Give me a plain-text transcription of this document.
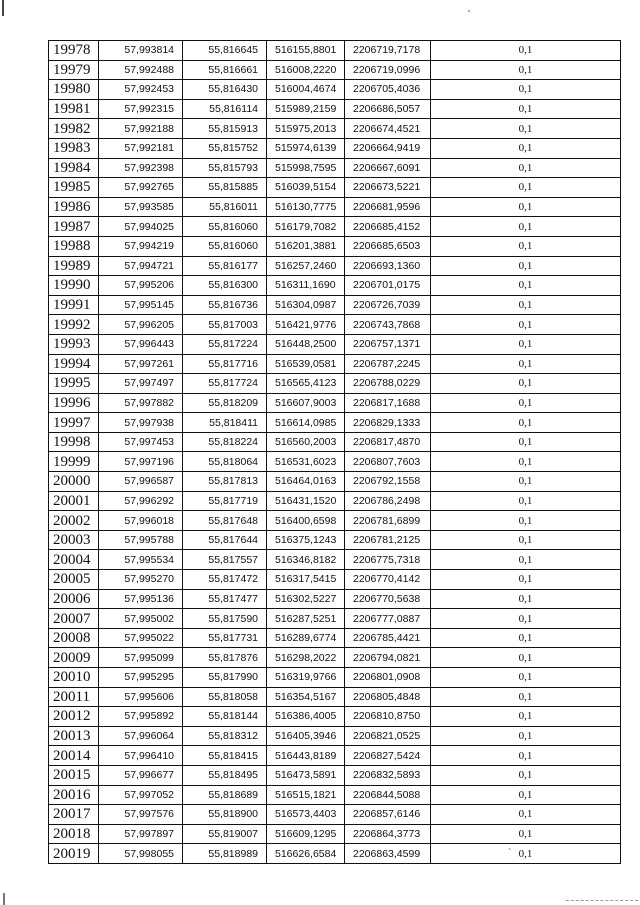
19978	57,993814	55,816645	516155,8801	2206719,7178	0,1
19979	57,992488	55,816661	516008,2220	2206719,0996	0,1
19980	57,992453	55,816430	516004,4674	2206705,4036	0,1
19981	57,992315	55,816114	515989,2159	2206686,5057	0,1
19982	57,992188	55,815913	515975,2013	2206674,4521	0,1
19983	57,992181	55,815752	515974,6139	2206664,9419	0,1
19984	57,992398	55,815793	515998,7595	2206667,6091	0,1
19985	57,992765	55,815885	516039,5154	2206673,5221	0,1
19986	57,993585	55,816011	516130,7775	2206681,9596	0,1
19987	57,994025	55,816060	516179,7082	2206685,4152	0,1
19988	57,994219	55,816060	516201,3881	2206685,6503	0,1
19989	57,994721	55,816177	516257,2460	2206693,1360	0,1
19990	57,995206	55,816300	516311,1690	2206701,0175	0,1
19991	57,995145	55,816736	516304,0987	2206726,7039	0,1
19992	57,996205	55,817003	516421,9776	2206743,7868	0,1
19993	57,996443	55,817224	516448,2500	2206757,1371	0,1
19994	57,997261	55,817716	516539,0581	2206787,2245	0,1
19995	57,997497	55,817724	516565,4123	2206788,0229	0,1
19996	57,997882	55,818209	516607,9003	2206817,1688	0,1
19997	57,997938	55,818411	516614,0985	2206829,1333	0,1
19998	57,997453	55,818224	516560,2003	2206817,4870	0,1
19999	57,997196	55,818064	516531,6023	2206807,7603	0,1
20000	57,996587	55,817813	516464,0163	2206792,1558	0,1
20001	57,996292	55,817719	516431,1520	2206786,2498	0,1
20002	57,996018	55,817648	516400,6598	2206781,6899	0,1
20003	57,995788	55,817644	516375,1243	2206781,2125	0,1
20004	57,995534	55,817557	516346,8182	2206775,7318	0,1
20005	57,995270	55,817472	516317,5415	2206770,4142	0,1
20006	57,995136	55,817477	516302,5227	2206770,5638	0,1
20007	57,995002	55,817590	516287,5251	2206777,0887	0,1
20008	57,995022	55,817731	516289,6774	2206785,4421	0,1
20009	57,995099	55,817876	516298,2022	2206794,0821	0,1
20010	57,995295	55,817990	516319,9766	2206801,0908	0,1
20011	57,995606	55,818058	516354,5167	2206805,4848	0,1
20012	57,995892	55,818144	516386,4005	2206810,8750	0,1
20013	57,996064	55,818312	516405,3946	2206821,0525	0,1
20014	57,996410	55,818415	516443,8189	2206827,5424	0,1
20015	57,996677	55,818495	516473,5891	2206832,5893	0,1
20016	57,997052	55,818689	516515,1821	2206844,5088	0,1
20017	57,997576	55,818900	516573,4403	2206857,6146	0,1
20018	57,997897	55,819007	516609,1295	2206864,3773	0,1
20019	57,998055	55,818989	516626,6584	2206863,4599	0,1
`
